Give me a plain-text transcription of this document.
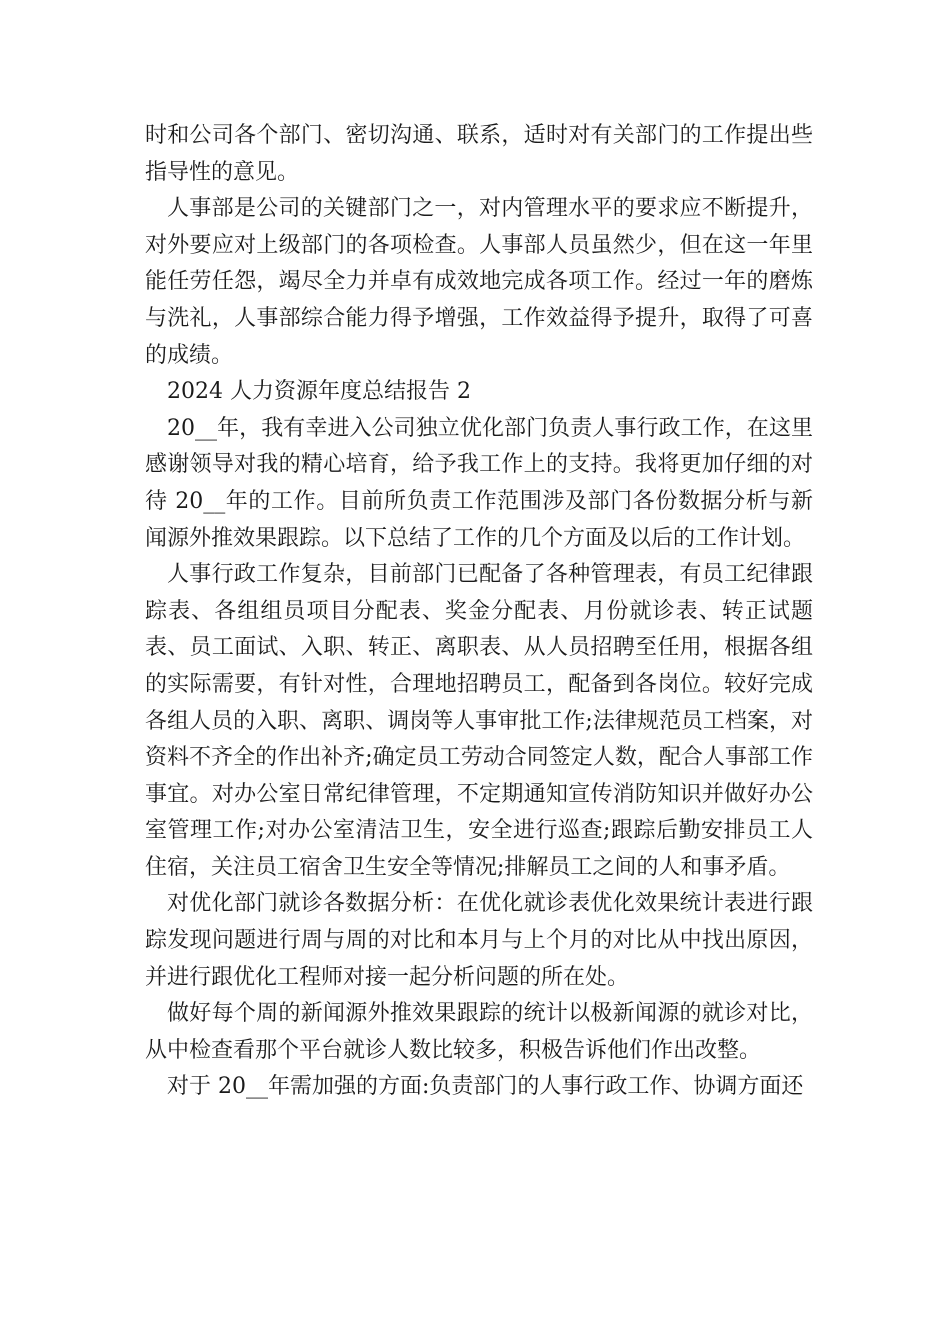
时和公司各个部门、密切沟通、联系，适时对有关部门的工作提出些指导性的意见。

人事部是公司的关键部门之一，对内管理水平的要求应不断提升，对外要应对上级部门的各项检查。人事部人员虽然少，但在这一年里能任劳任怨，竭尽全力并卓有成效地完成各项工作。经过一年的磨炼与洗礼，人事部综合能力得予增强，工作效益得予提升，取得了可喜的成绩。

2024 人力资源年度总结报告 2

20__年，我有幸进入公司独立优化部门负责人事行政工作，在这里感谢领导对我的精心培育，给予我工作上的支持。我将更加仔细的对待 20__年的工作。目前所负责工作范围涉及部门各份数据分析与新闻源外推效果跟踪。以下总结了工作的几个方面及以后的工作计划。

人事行政工作复杂，目前部门已配备了各种管理表，有员工纪律跟踪表、各组组员项目分配表、奖金分配表、月份就诊表、转正试题表、员工面试、入职、转正、离职表、从人员招聘至任用，根据各组的实际需要，有针对性，合理地招聘员工，配备到各岗位。较好完成各组人员的入职、离职、调岗等人事审批工作;法律规范员工档案，对资料不齐全的作出补齐;确定员工劳动合同签定人数，配合人事部工作事宜。对办公室日常纪律管理，不定期通知宣传消防知识并做好办公室管理工作;对办公室清洁卫生，安全进行巡查;跟踪后勤安排员工人住宿，关注员工宿舍卫生安全等情况;排解员工之间的人和事矛盾。

对优化部门就诊各数据分析：在优化就诊表优化效果统计表进行跟踪发现问题进行周与周的对比和本月与上个月的对比从中找出原因，并进行跟优化工程师对接一起分析问题的所在处。

做好每个周的新闻源外推效果跟踪的统计以极新闻源的就诊对比，从中检查看那个平台就诊人数比较多，积极告诉他们作出改整。

对于 20__年需加强的方面:负责部门的人事行政工作、协调方面还
